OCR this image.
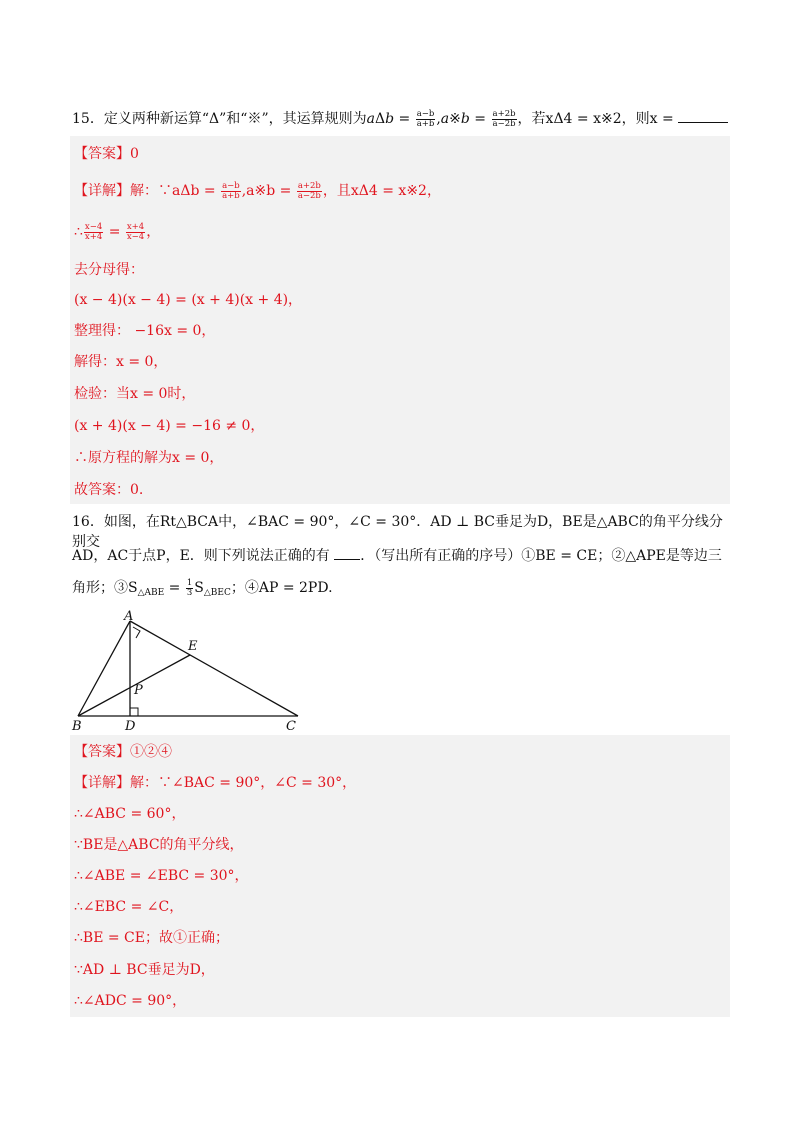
15．定义两种新运算“Δ”和“※”，其运算规则为$a\Delta b = \frac{a-b}{a+b}$ ,a※b = $\frac{a+2b}{a-2b}$ ，若xΔ4 = x※2，则x =
【答案】0
【详解】解：∵aΔb = $\frac{a-b}{a+b}$ ,a※b = $\frac{a+2b}{a-2b}$ ，且xΔ4 = x※2，
∴ $\frac{x-4}{x+4} = \frac{x+4}{x-4}$ ，
去分母得：
(x − 4)(x − 4) = (x + 4)(x + 4)，
整理得： −16x = 0，
解得：x = 0，
检验：当x = 0时，
(x + 4)(x − 4) = −16 ≠ 0，
∴原方程的解为x = 0，
故答案：0.
16．如图，在Rt△BCA中，∠BAC = 90°，∠C = 30°．AD ⊥ BC垂足为D，BE是△ABC的角平分线分别交
AD，AC于点P，E．则下列说法正确的有 ．（写出所有正确的序号）①BE = CE；②△APE是等边三
角形；$③S_{\triangle ABE} = \frac{1}{3} S_{\triangle BEC}$；④AP = 2PD.
A
B	C
D
E
P
【答案】①②④
【详解】解：∵∠BAC = 90°，∠C = 30°，
∴∠ABC = 60°，
∵BE是△ABC的角平分线，
∴∠ABE = ∠EBC = 30°，
∴∠EBC = ∠C，
∴BE = CE；故①正确；
∵AD ⊥ BC垂足为D，
∴∠ADC = 90°，
